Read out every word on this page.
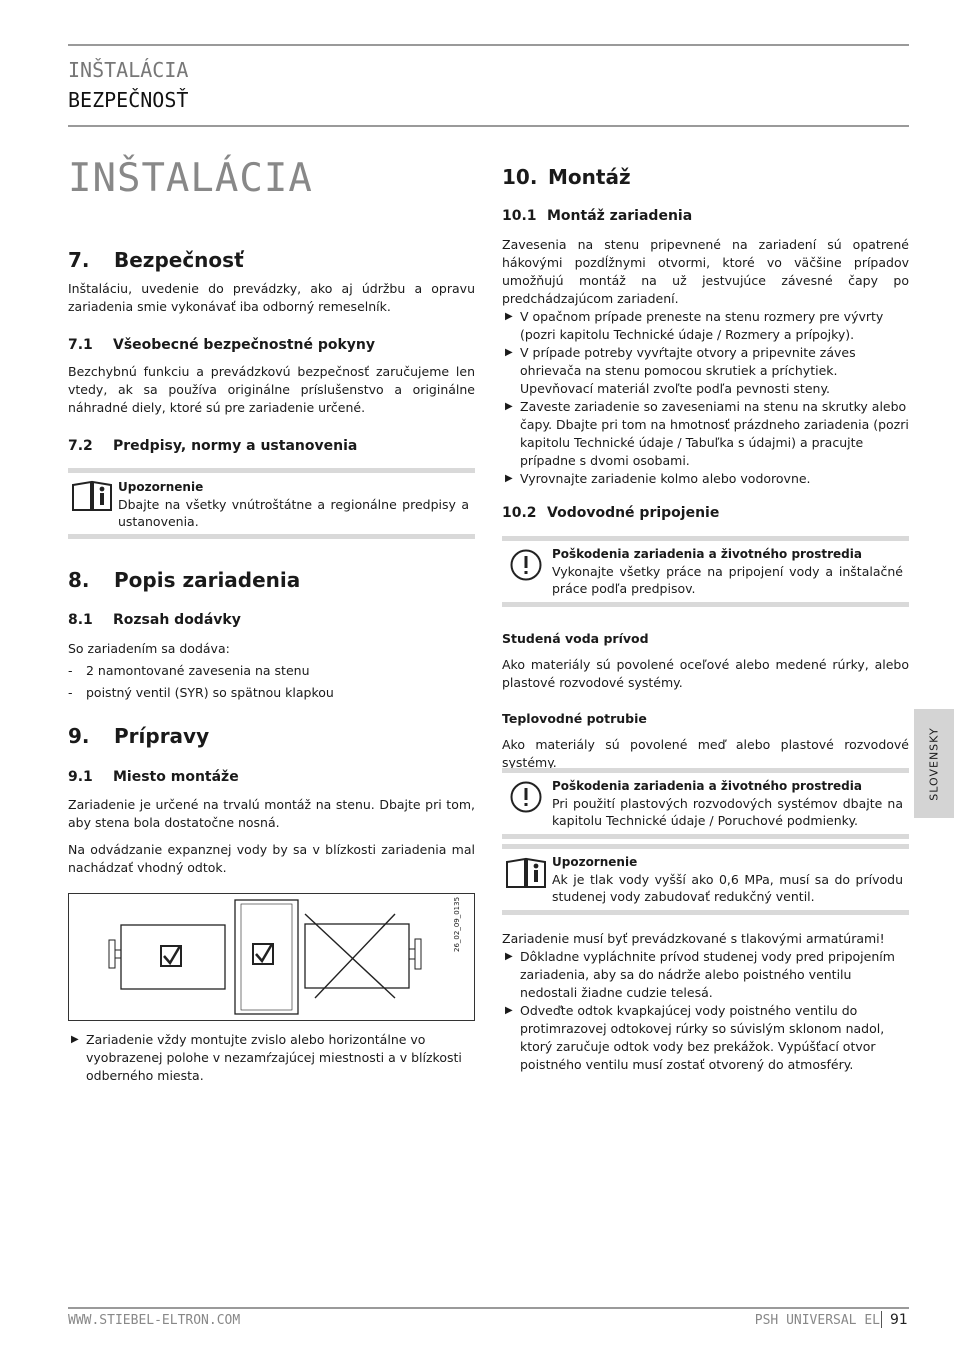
INŠTALÁCIA
BEZPEČNOSŤ
INŠTALÁCIA
7.	Bezpečnosť

Inštaláciu, uvedenie do prevádzky, ako aj údržbu a opravu zariadenia smie vykonávať iba odborný remeselník.

7.1	Všeobecné bezpečnostné pokyny

Bezchybnú funkciu a prevádzkovú bezpečnosť zaručujeme len vtedy, ak sa používa originálne príslušenstvo a originálne náhradné diely, ktoré sú pre zariadenie určené.

7.2	Predpisy, normy a ustanovenia
Upozornenie
Dbajte na všetky vnútroštátne a regionálne predpisy a ustanovenia.
8.	Popis zariadenia
8.1	Rozsah dodávky

So zariadením sa dodáva:

- 2 namontované zavesenia na stenu

- poistný ventil (SYR) so spätnou klapkou

9.	Prípravy
9.1	Miesto montáže

Zariadenie je určené na trvalú montáž na stenu. Dbajte pri tom, aby stena bola dostatočne nosná.

Na odvádzanie expanznej vody by sa v blízkosti zariadenia mal nachádzať vhodný odtok.

26_02_09_0135

▶ Zariadenie vždy montujte zvislo alebo horizontálne vo vyobrazenej polohe v nezamŕzajúcej miestnosti a v blízkosti odberného miesta.

10. Montáž
10.1 Montáž zariadenia

Zavesenia na stenu pripevnené na zariadení sú opatrené hákovými pozdĺžnymi otvormi, ktoré vo väčšine prípadov umožňujú montáž na už jestvujúce závesné čapy po predchádzajúcom zariadení.

▶ V opačnom prípade preneste na stenu rozmery pre vývrty (pozri kapitolu Technické údaje / Rozmery a prípojky).

▶ V prípade potreby vyvŕtajte otvory a pripevnite záves ohrievača na stenu pomocou skrutiek a príchytiek. Upevňovací materiál zvoľte podľa pevnosti steny.

▶ Zaveste zariadenie so zaveseniami na stenu na skrutky alebo čapy. Dbajte pri tom na hmotnosť prázdneho zariadenia (pozri kapitolu Technické údaje / Tabuľka s údajmi) a pracujte prípadne s dvomi osobami.

▶ Vyrovnajte zariadenie kolmo alebo vodorovne.

10.2 Vodovodné pripojenie
Poškodenia zariadenia a životného prostredia
Vykonajte všetky práce na pripojení vody a inštalačné práce podľa predpisov.

Studená voda prívod

Ako materiály sú povolené oceľové alebo medené rúrky, alebo plastové rozvodové systémy.

Teplovodné potrubie

Ako materiály sú povolené meď alebo plastové rozvodové systémy.

Poškodenia zariadenia a životného prostredia
Pri použití plastových rozvodových systémov dbajte na kapitolu Technické údaje / Poruchové podmienky.
Upozornenie
Ak je tlak vody vyšší ako 0,6 MPa, musí sa do prívodu studenej vody zabudovať redukčný ventil.

Zariadenie musí byť prevádzkované s tlakovými armatúrami!

▶ Dôkladne vypláchnite prívod studenej vody pred pripojením zariadenia, aby sa do nádrže alebo poistného ventilu nedostali žiadne cudzie telesá.

▶ Odveďte odtok kvapkajúcej vody poistného ventilu do protimrazovej odtokovej rúrky so súvislým sklonom nadol, ktorý zaručuje odtok vody bez prekážok. Vypúšťací otvor poistného ventilu musí zostať otvorený do atmosféry.

SLOVENSKY
WWW.STIEBEL-ELTRON.COM	PSH UNIVERSAL EL 91
